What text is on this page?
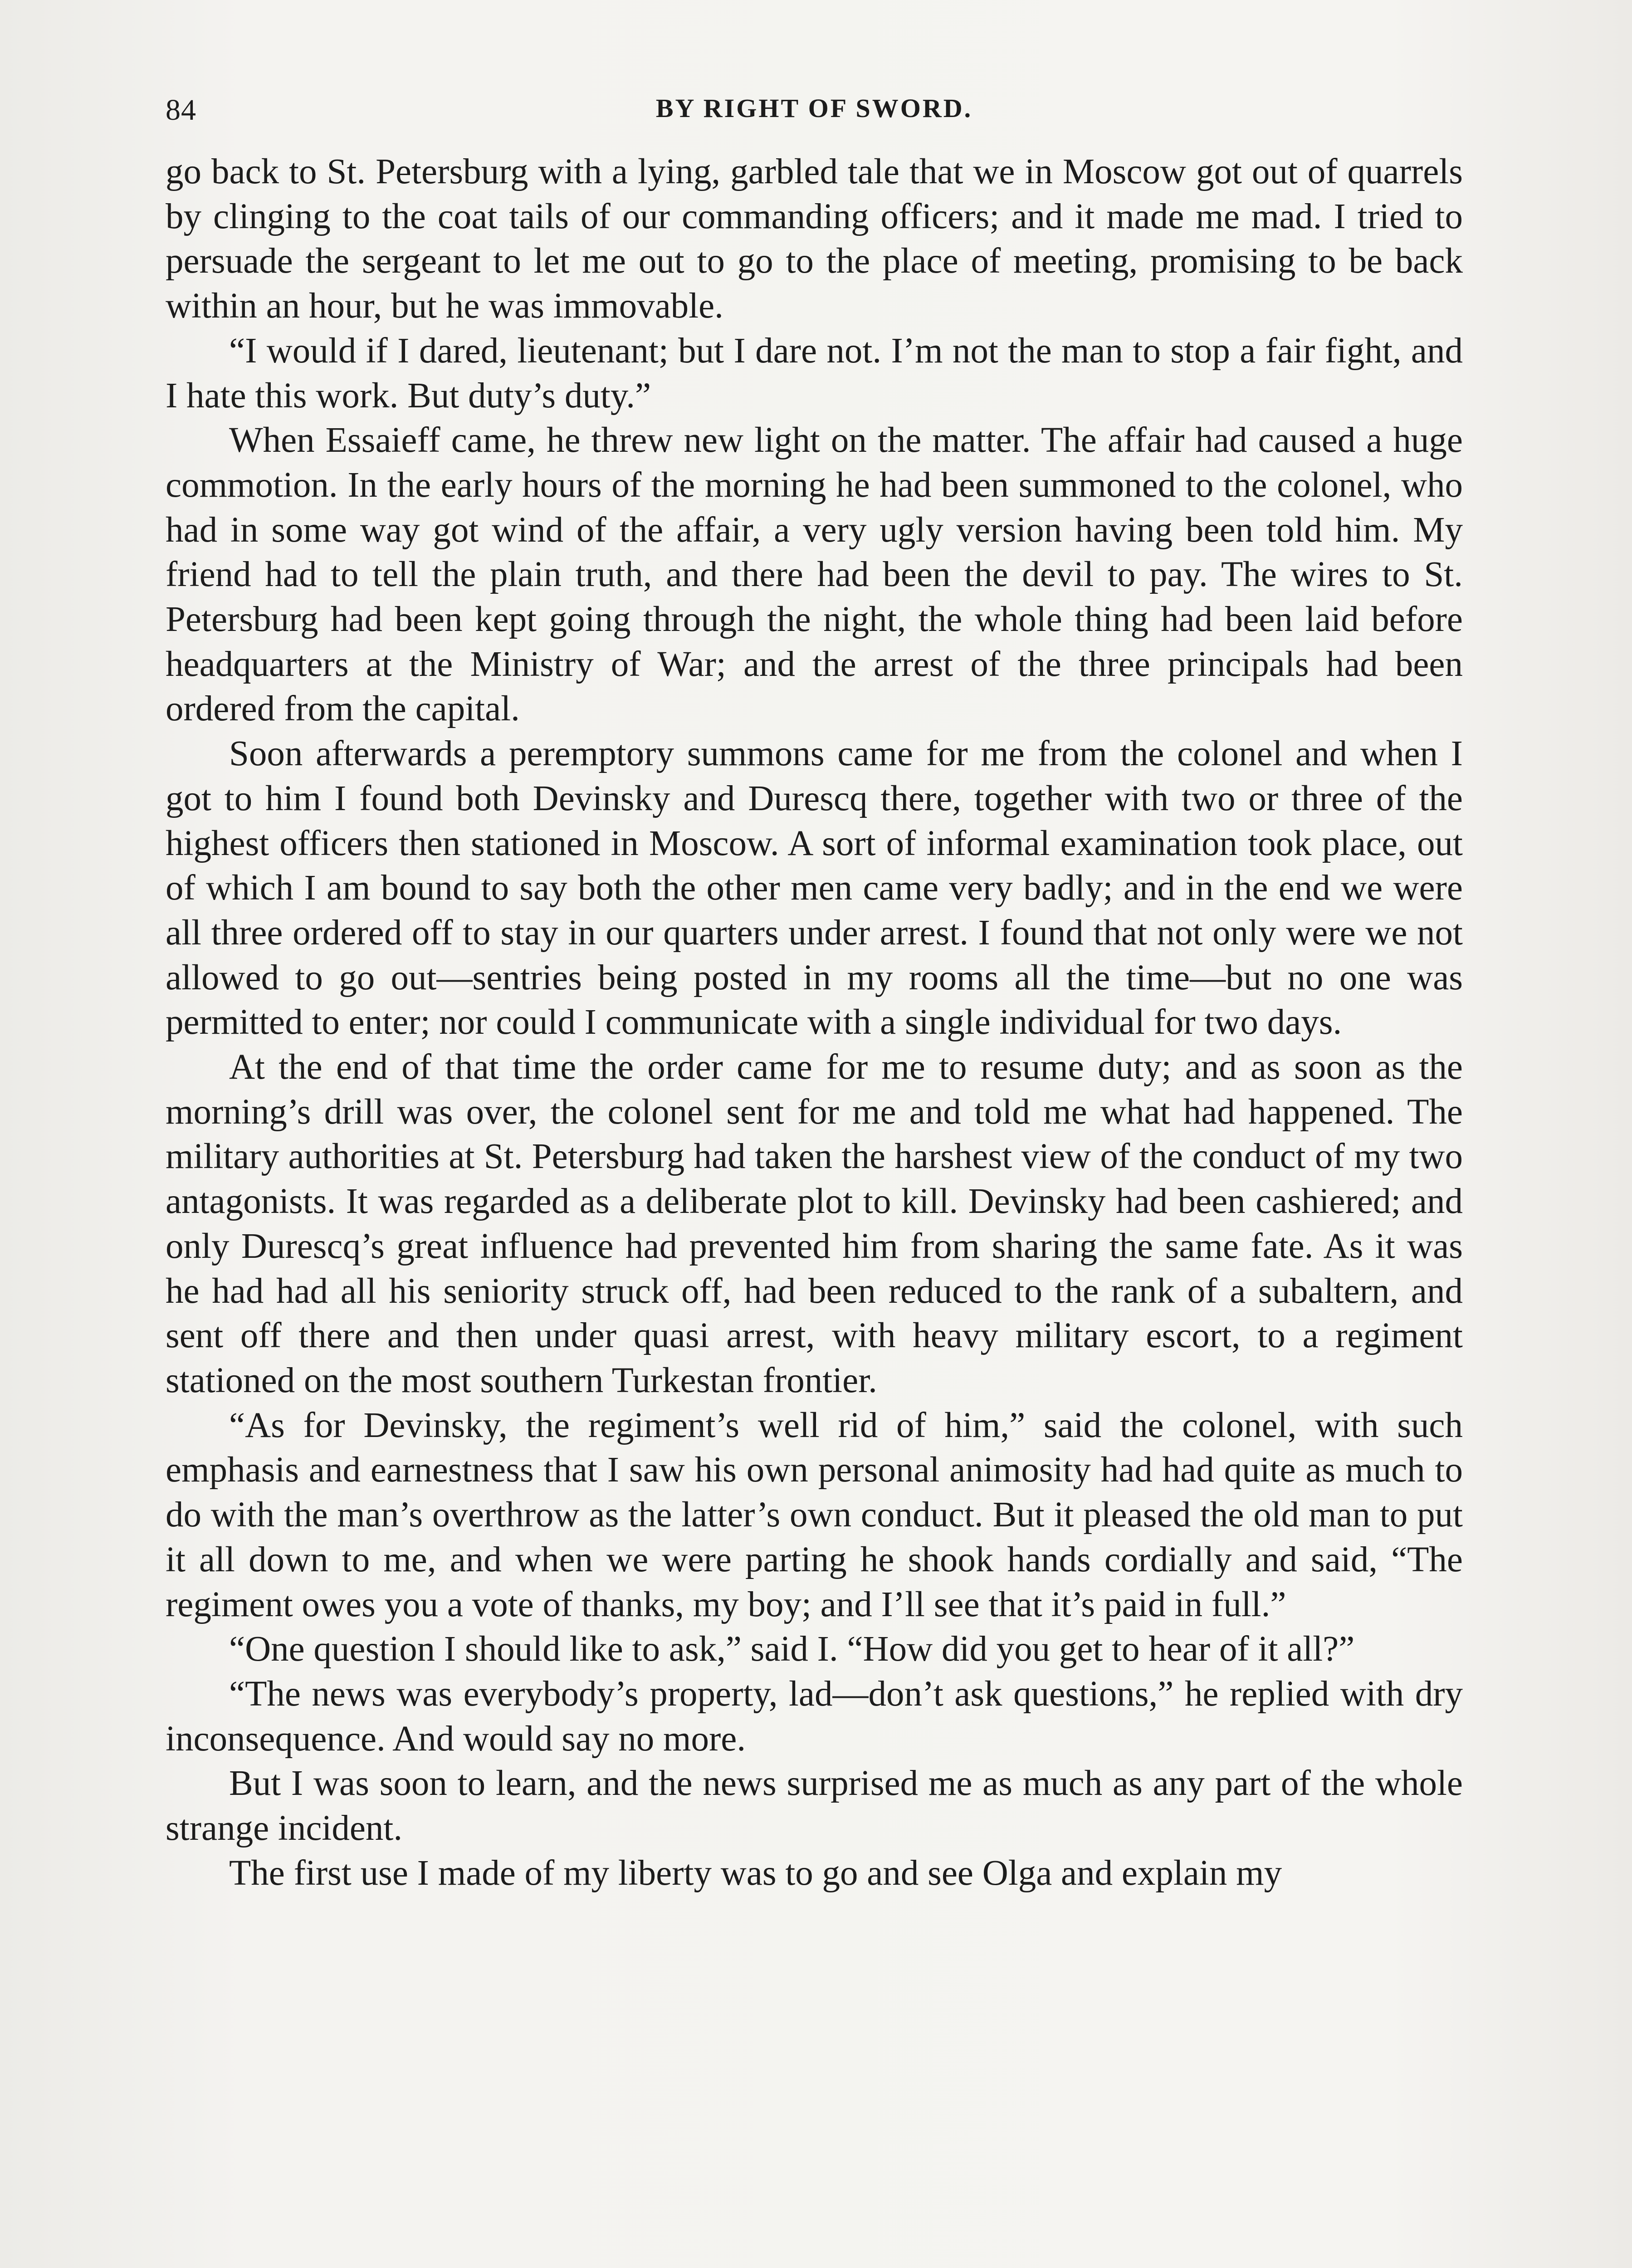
84	BY RIGHT OF SWORD.

go back to St. Petersburg with a lying, garbled tale that we in Moscow got out of quarrels by clinging to the coat tails of our commanding officers; and it made me mad. I tried to persuade the sergeant to let me out to go to the place of meeting, promising to be back within an hour, but he was immovable.

“I would if I dared, lieutenant; but I dare not. I’m not the man to stop a fair fight, and I hate this work. But duty’s duty.”

When Essaieff came, he threw new light on the matter. The affair had caused a huge commotion. In the early hours of the morning he had been summoned to the colonel, who had in some way got wind of the affair, a very ugly version having been told him. My friend had to tell the plain truth, and there had been the devil to pay. The wires to St. Petersburg had been kept going through the night, the whole thing had been laid before headquarters at the Ministry of War; and the arrest of the three principals had been ordered from the capital.

Soon afterwards a peremptory summons came for me from the colonel and when I got to him I found both Devinsky and Durescq there, together with two or three of the highest officers then stationed in Moscow. A sort of informal examination took place, out of which I am bound to say both the other men came very badly; and in the end we were all three ordered off to stay in our quarters under arrest. I found that not only were we not allowed to go out—sentries being posted in my rooms all the time—but no one was permitted to enter; nor could I communicate with a single individual for two days.

At the end of that time the order came for me to resume duty; and as soon as the morning’s drill was over, the colonel sent for me and told me what had happened. The military authorities at St. Petersburg had taken the harshest view of the conduct of my two antagonists. It was regarded as a deliberate plot to kill. Devinsky had been cashiered; and only Durescq’s great influence had prevented him from sharing the same fate. As it was he had had all his seniority struck off, had been reduced to the rank of a subaltern, and sent off there and then under quasi arrest, with heavy military escort, to a regiment stationed on the most southern Turkestan frontier.

“As for Devinsky, the regiment’s well rid of him,” said the colonel, with such emphasis and earnestness that I saw his own personal animosity had had quite as much to do with the man’s overthrow as the latter’s own conduct. But it pleased the old man to put it all down to me, and when we were parting he shook hands cordially and said, “The regiment owes you a vote of thanks, my boy; and I’ll see that it’s paid in full.”

“One question I should like to ask,” said I. “How did you get to hear of it all?”

“The news was everybody’s property, lad—don’t ask questions,” he replied with dry inconsequence. And would say no more.

But I was soon to learn, and the news surprised me as much as any part of the whole strange incident.

The first use I made of my liberty was to go and see Olga and explain my
